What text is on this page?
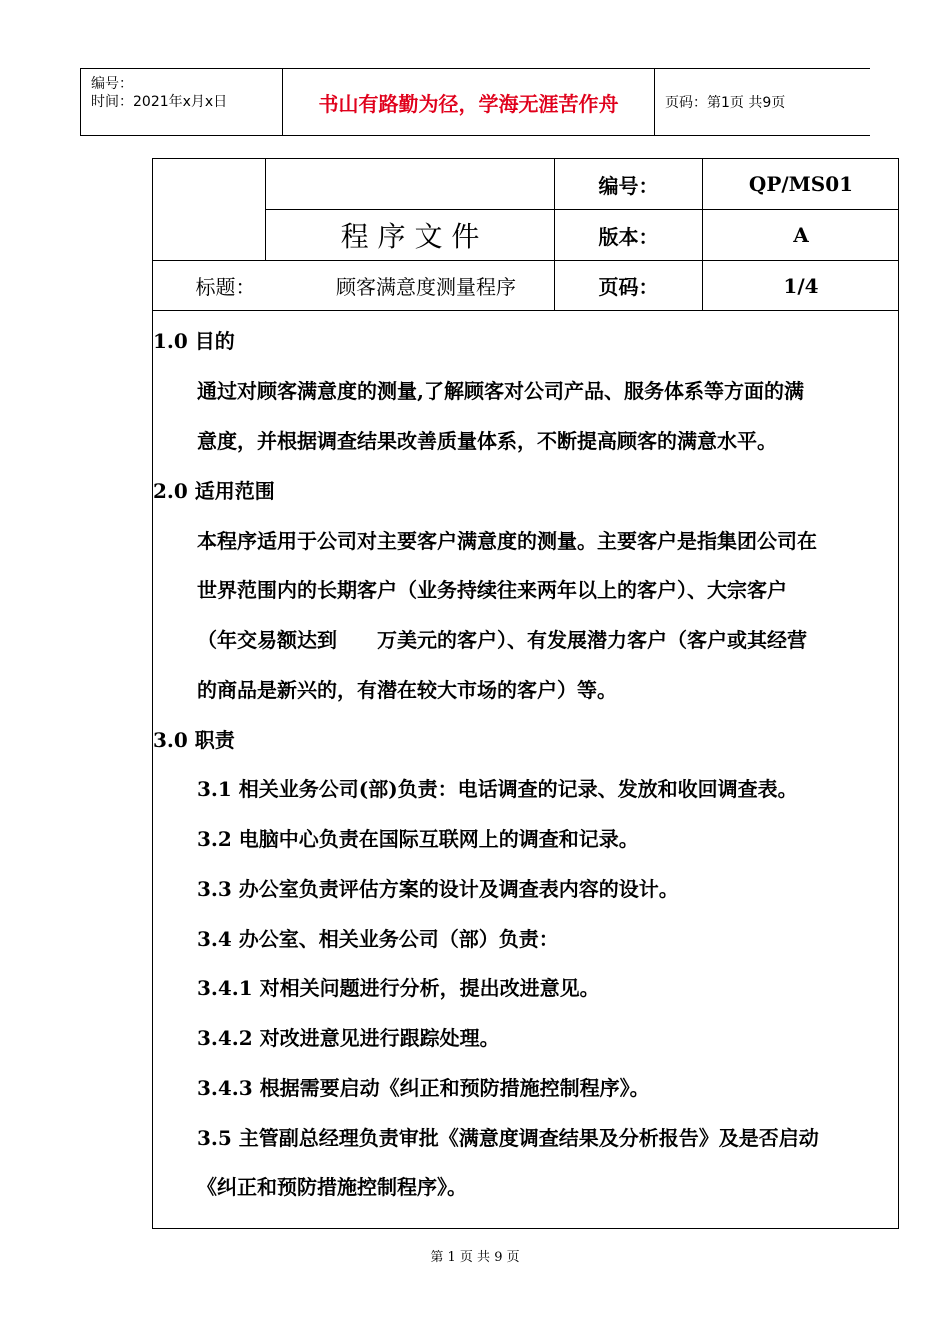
编号：
时间：2021年x月x日	书山有路勤为径，学海无涯苦作舟	页码：第1页 共9页
编号：	QP/MS01
程 序 文 件	版本：	A
标题：	顾客满意度测量程序	页码：	1/4
1.0 目的
通过对顾客满意度的测量,了解顾客对公司产品、服务体系等方面的满
意度，并根据调查结果改善质量体系，不断提高顾客的满意水平。
2.0 适用范围
本程序适用于公司对主要客户满意度的测量。主要客户是指集团公司在
世界范围内的长期客户（业务持续往来两年以上的客户）、大宗客户
（年交易额达到　　万美元的客户）、有发展潜力客户（客户或其经营
的商品是新兴的，有潜在较大市场的客户）等。
3.0 职责
3.1 相关业务公司(部)负责：电话调查的记录、发放和收回调查表。
3.2 电脑中心负责在国际互联网上的调查和记录。
3.3 办公室负责评估方案的设计及调查表内容的设计。
3.4 办公室、相关业务公司（部）负责：
3.4.1 对相关问题进行分析，提出改进意见。
3.4.2 对改进意见进行跟踪处理。
3.4.3 根据需要启动《纠正和预防措施控制程序》。
3.5 主管副总经理负责审批《满意度调查结果及分析报告》及是否启动
《纠正和预防措施控制程序》。
第 1 页 共 9 页
